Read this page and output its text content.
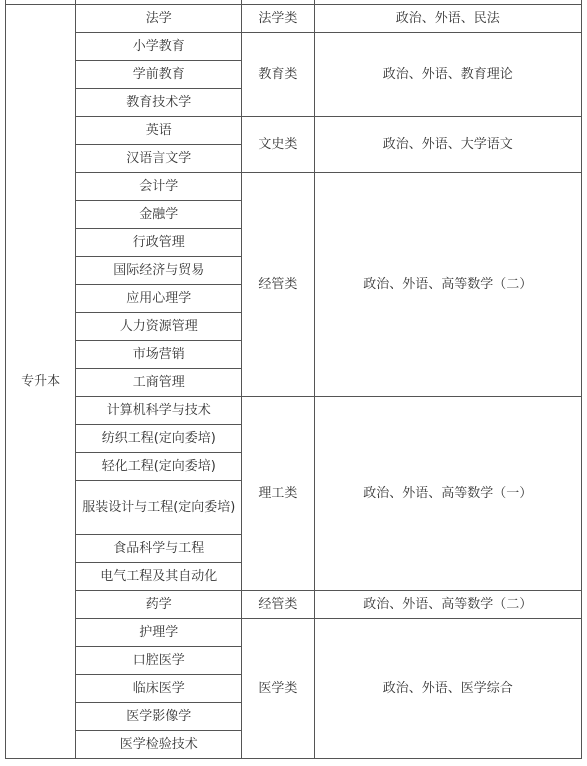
专升本	法学	法学类	政治、外语、民法
	小学教育	教育类	政治、外语、教育理论
	学前教育		
	教育技术学		
	英语	文史类	政治、外语、大学语文
	汉语言文学		
	会计学	经管类	政治、外语、高等数学（二）
	金融学		
	行政管理		
	国际经济与贸易		
	应用心理学		
	人力资源管理		
	市场营销		
	工商管理		
	计算机科学与技术	理工类	政治、外语、高等数学（一）
	纺织工程(定向委培)		
	轻化工程(定向委培)		
	服装设计与工程(定向委培)		
	食品科学与工程		
	电气工程及其自动化		
	药学	经管类	政治、外语、高等数学（二）
	护理学	医学类	政治、外语、医学综合
	口腔医学		
	临床医学		
	医学影像学		
	医学检验技术		
